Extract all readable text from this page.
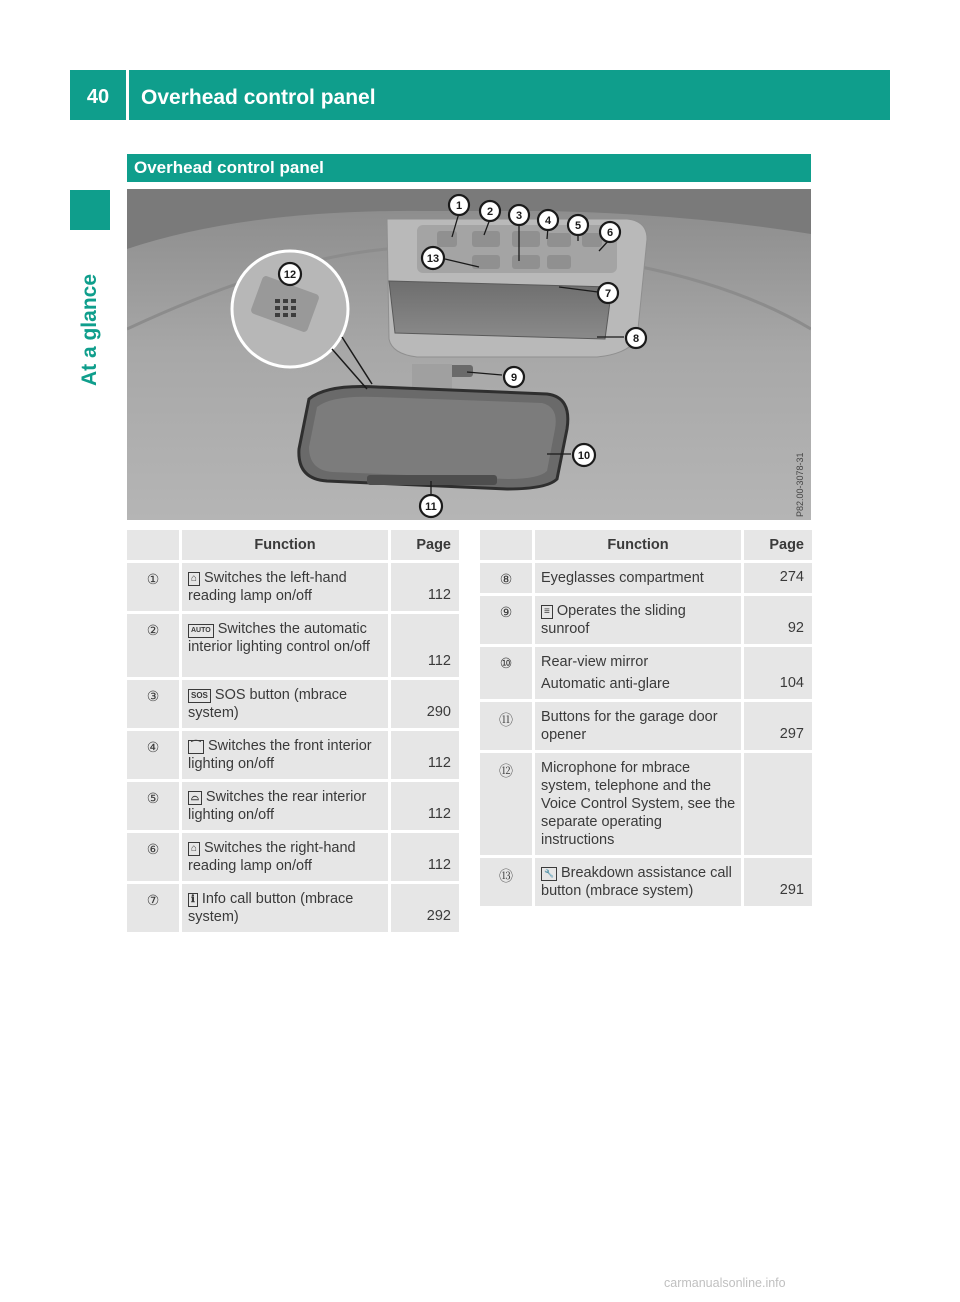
40	Overhead control panel
At a glance
Overhead control panel
1 2 3 4 5
6
7
8
9
10
11
12
13
P82.00-3078-31
	Function	Page
①	⌂ Switches the left-hand reading lamp on/off	112
②	AUTO Switches the automatic interior lighting control on/off	112
③	SOS SOS button (mbrace system)	290
④	⌒ Switches the front interior lighting on/off	112
⑤	⌓ Switches the rear interior lighting on/off	112
⑥	⌂ Switches the right-hand reading lamp on/off	112
⑦	ℹ Info call button (mbrace system)	292
	Function	Page
⑧	Eyeglasses compartment	274
⑨	≡ Operates the sliding sunroof	92
⑩	Rear-view mirror
Automatic anti-glare	104
⑪	Buttons for the garage door opener	297
⑫	Microphone for mbrace system, telephone and the Voice Control System, see the separate operating instructions	
⑬	🔧 Breakdown assistance call button (mbrace system)	291
carmanualsonline.info
